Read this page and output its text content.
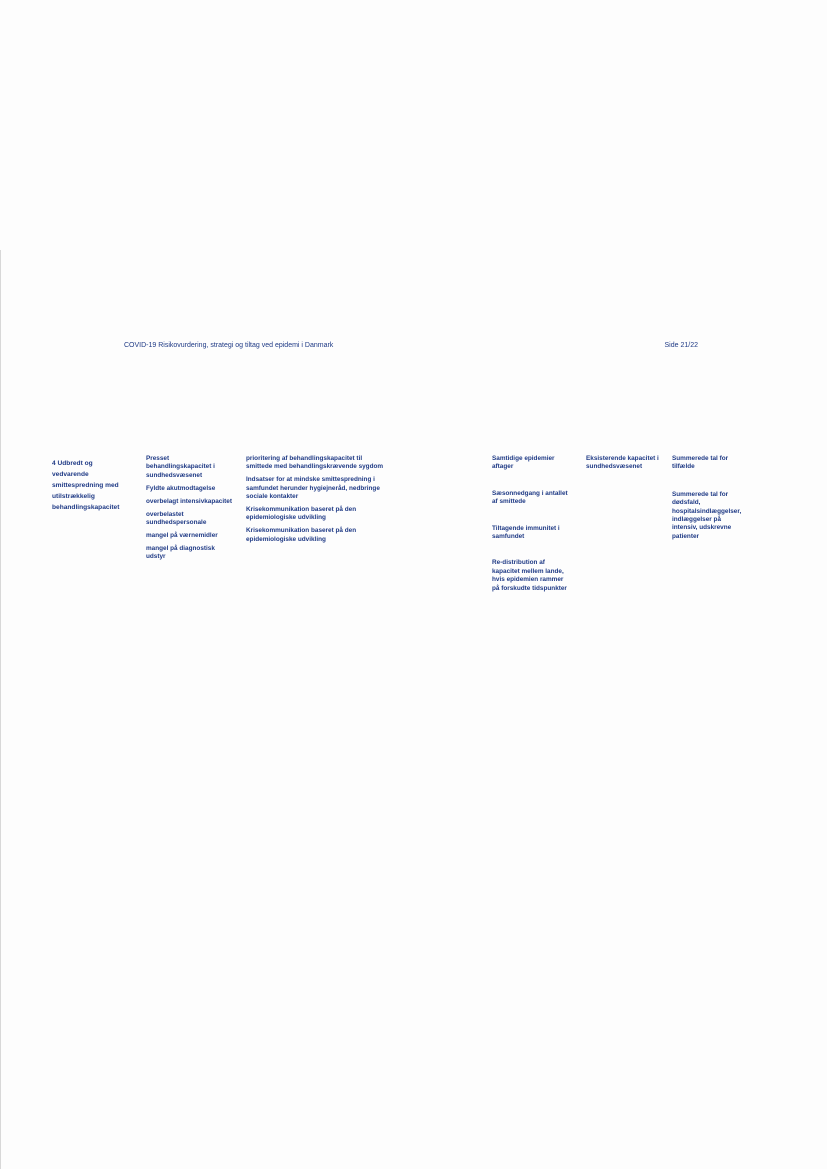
COVID-19 Risikovurdering, strategi og tiltag ved epidemi i Danmark	Side 21/22
4 Udbredt og vedvarende smittespredning med utilstrækkelig behandlingskapacitet

Presset behandlingskapacitet i sundhedsvæsenet

Fyldte akutmodtagelse

overbelagt intensivkapacitet

overbelastet sundhedspersonale

mangel på værnemidler

mangel på diagnostisk udstyr

prioritering af behandlingskapacitet til smittede med behandlingskrævende sygdom

Indsatser for at mindske smittespredning i samfundet herunder hygiejneråd, nedbringe sociale kontakter

Krisekommunikation baseret på den epidemiologiske udvikling

Krisekommunikation baseret på den epidemiologiske udvikling

Samtidige epidemier aftager

Sæsonnedgang i antallet af smittede

Tiltagende immunitet i samfundet

Re-distribution af kapacitet mellem lande, hvis epidemien rammer på forskudte tidspunkter

Eksisterende kapacitet i sundhedsvæsenet

Summerede tal for tilfælde

Summerede tal for dødsfald, hospitalsindlæggelser, indlæggelser på intensiv, udskrevne patienter
